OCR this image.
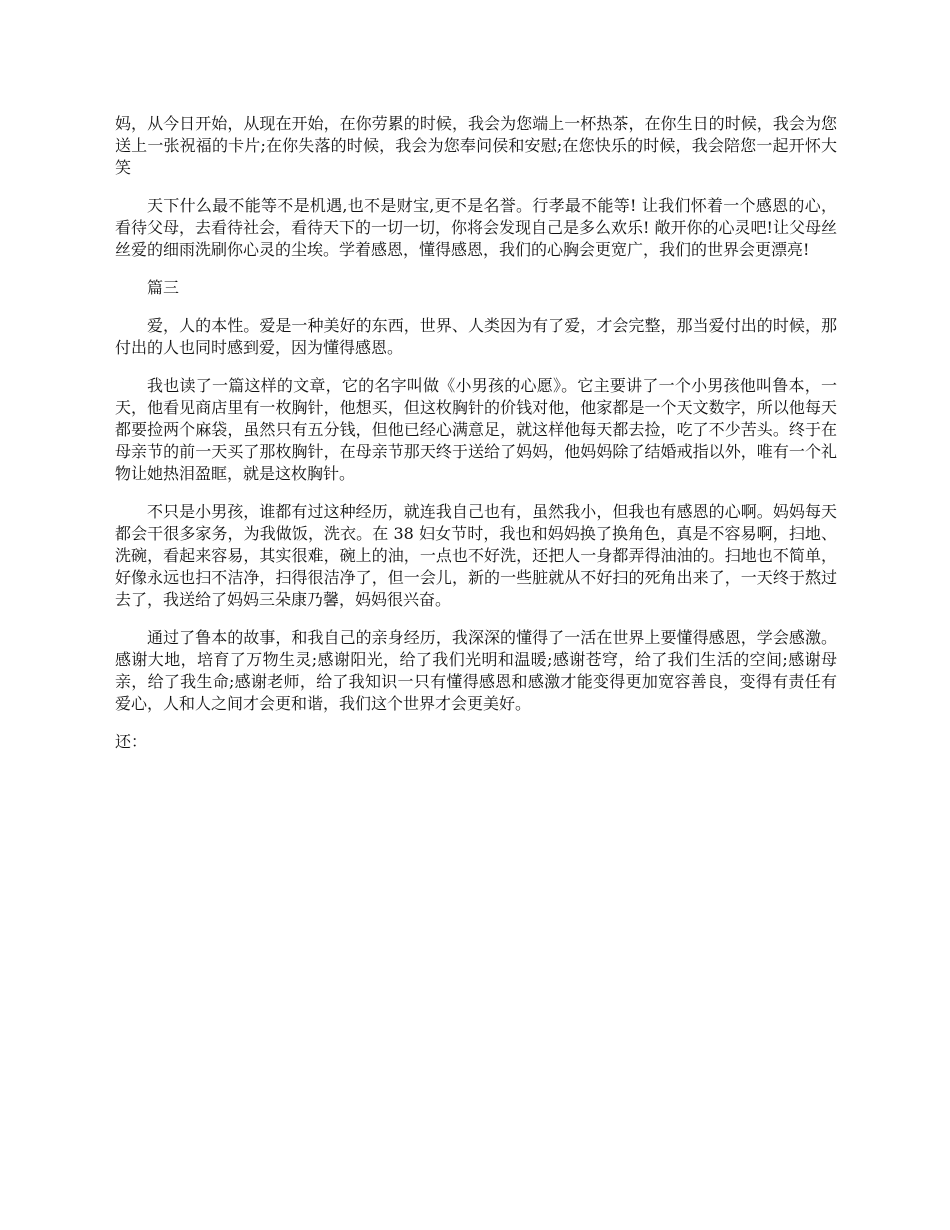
妈，从今日开始，从现在开始，在你劳累的时候，我会为您端上一杯热茶，在你生日的时候，我会为您送上一张祝福的卡片;在你失落的时候，我会为您奉问侯和安慰;在您快乐的时候，我会陪您一起开怀大笑

天下什么最不能等不是机遇,也不是财宝,更不是名誉。行孝最不能等! 让我们怀着一个感恩的心，看待父母，去看待社会，看待天下的一切一切，你将会发现自己是多么欢乐! 敞开你的心灵吧!让父母丝丝爱的细雨洗刷你心灵的尘埃。学着感恩，懂得感恩，我们的心胸会更宽广，我们的世界会更漂亮!

篇三

爱，人的本性。爱是一种美好的东西，世界、人类因为有了爱，才会完整，那当爱付出的时候，那付出的人也同时感到爱，因为懂得感恩。

我也读了一篇这样的文章，它的名字叫做《小男孩的心愿》。它主要讲了一个小男孩他叫鲁本，一天，他看见商店里有一枚胸针，他想买，但这枚胸针的价钱对他，他家都是一个天文数字，所以他每天都要捡两个麻袋，虽然只有五分钱，但他已经心满意足，就这样他每天都去捡，吃了不少苦头。终于在母亲节的前一天买了那枚胸针，在母亲节那天终于送给了妈妈，他妈妈除了结婚戒指以外，唯有一个礼物让她热泪盈眶，就是这枚胸针。

不只是小男孩，谁都有过这种经历，就连我自己也有，虽然我小，但我也有感恩的心啊。妈妈每天都会干很多家务，为我做饭，洗衣。在 38 妇女节时，我也和妈妈换了换角色，真是不容易啊，扫地、洗碗，看起来容易，其实很难，碗上的油，一点也不好洗，还把人一身都弄得油油的。扫地也不简单，好像永远也扫不洁净，扫得很洁净了，但一会儿，新的一些脏就从不好扫的死角出来了，一天终于熬过去了，我送给了妈妈三朵康乃馨，妈妈很兴奋。

通过了鲁本的故事，和我自己的亲身经历，我深深的懂得了一活在世界上要懂得感恩，学会感激。感谢大地，培育了万物生灵;感谢阳光，给了我们光明和温暖;感谢苍穹，给了我们生活的空间;感谢母亲，给了我生命;感谢老师，给了我知识一只有懂得感恩和感激才能变得更加宽容善良，变得有责任有爱心，人和人之间才会更和谐，我们这个世界才会更美好。

还：
